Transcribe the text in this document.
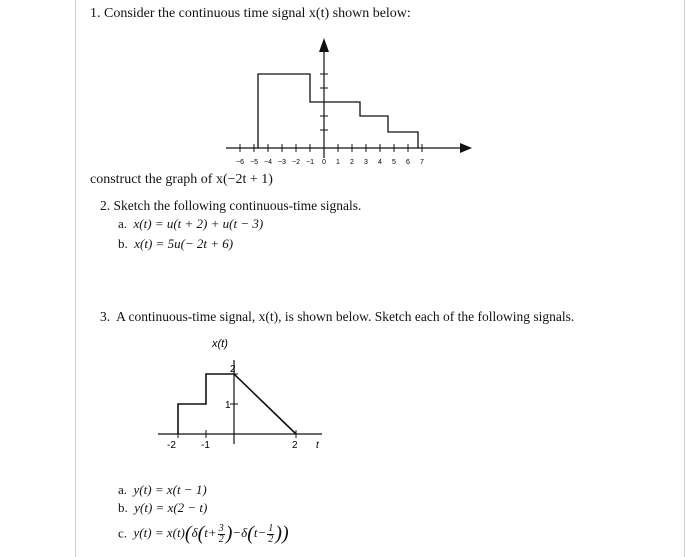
1. Consider the continuous time signal x(t) shown below:
−6 −5 −4 −3 −2 −1 0 1 2 3 4 5 6 7
construct the graph of x(−2t + 1)
2. Sketch the following continuous-time signals.
a. x(t) = u(t + 2) + u(t − 3)
b. x(t) = 5u(− 2t + 6)
3. A continuous-time signal, x(t), is shown below. Sketch each of the following signals.
x(t)
2
1
-2	-1	2 t
a. y(t) = x(t − 1)
b. y(t) = x(2 − t)
c. $y(t) = x(t)(\delta(t+ \frac{3}{2} )-\delta(t- \frac{1}{2}$ ))
